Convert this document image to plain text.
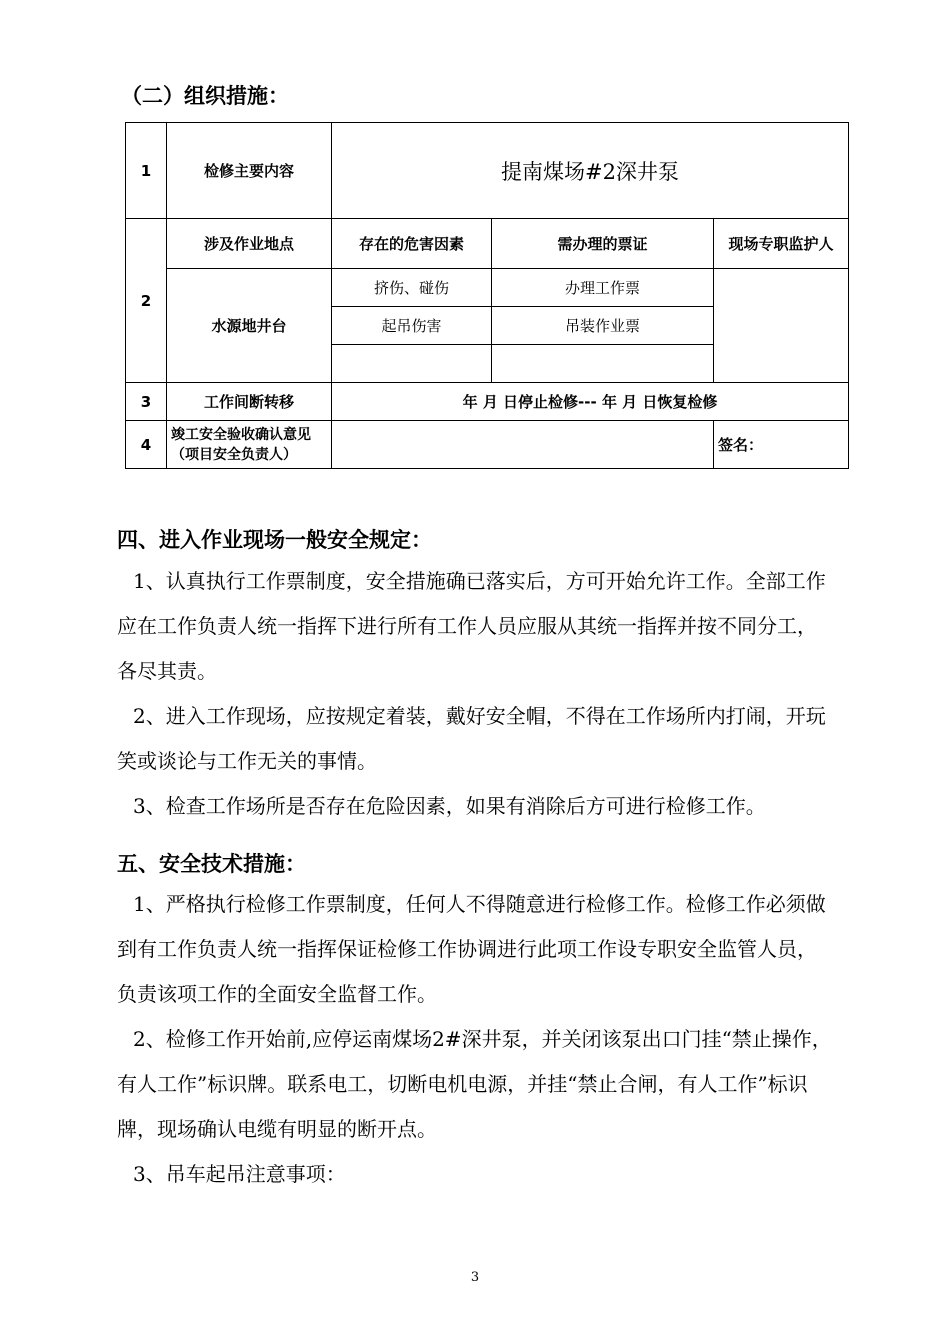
（二）组织措施：
1	检修主要内容	提南煤场#2深井泵		
2	涉及作业地点	存在的危害因素	需办理的票证	现场专职监护人
	水源地井台	挤伤、碰伤	办理工作票	
		起吊伤害	吊装作业票	

3	工作间断转移	年 月 日停止检修--- 年 月 日恢复检修		
4	竣工安全验收确认意见（项目安全负责人）			签名：
四、进入作业现场一般安全规定：
1、认真执行工作票制度，安全措施确已落实后，方可开始允许工作。全部工作
应在工作负责人统一指挥下进行所有工作人员应服从其统一指挥并按不同分工，
各尽其责。
2、进入工作现场，应按规定着装，戴好安全帽，不得在工作场所内打闹，开玩
笑或谈论与工作无关的事情。
3、检查工作场所是否存在危险因素，如果有消除后方可进行检修工作。
五、安全技术措施：
1、严格执行检修工作票制度，任何人不得随意进行检修工作。检修工作必须做
到有工作负责人统一指挥保证检修工作协调进行此项工作设专职安全监管人员，
负责该项工作的全面安全监督工作。
2、检修工作开始前,应停运南煤场2#深井泵，并关闭该泵出口门挂“禁止操作，
有人工作”标识牌。联系电工，切断电机电源，并挂“禁止合闸，有人工作”标识
牌，现场确认电缆有明显的断开点。
3、吊车起吊注意事项：
3
